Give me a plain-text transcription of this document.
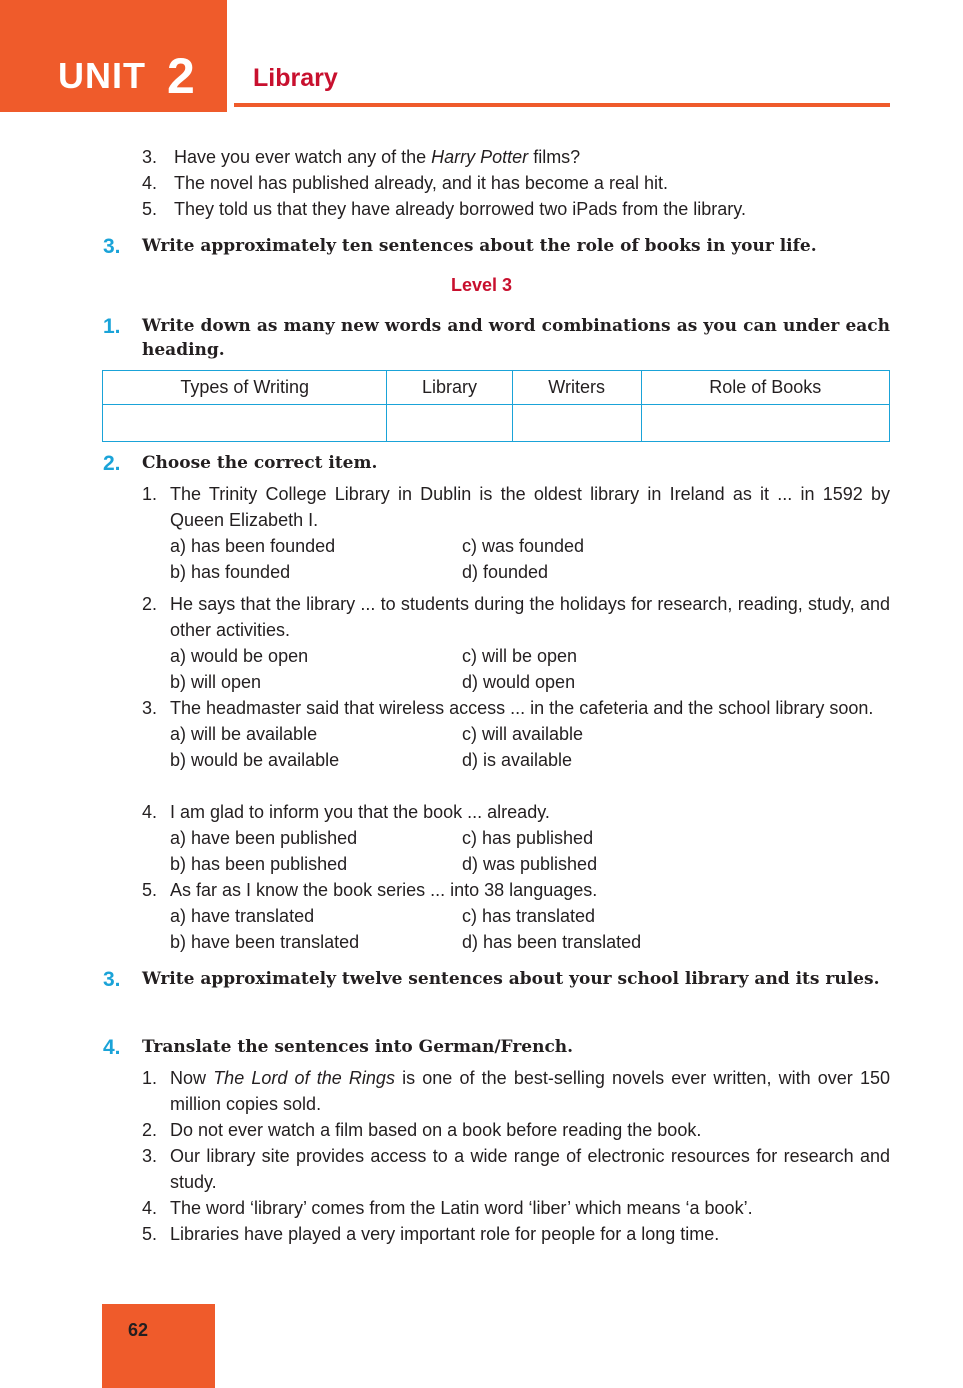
UNIT 2 Library
3. Have you ever watch any of the Harry Potter films?
4. The novel has published already, and it has become a real hit.
5. They told us that they have already borrowed two iPads from the library.
3. Write approximately ten sentences about the role of books in your life.

Level 3
1. Write down as many new words and word combinations as you can under each heading.

Types of Writing	Library	Writers	Role of Books

2. Choose the correct item.

1. The Trinity College Library in Dublin is the oldest library in Ireland as it ... in 1592 by Queen Elizabeth I.
a) has been founded	c) was founded
b) has founded	d) founded
2. He says that the library ... to students during the holidays for research, reading, study, and other activities.
a) would be open	c) will be open
b) will open	d) would open
3. The headmaster said that wireless access ... in the cafeteria and the school library soon.
a) will be available	c) will available
b) would be available	d) is available
4. I am glad to inform you that the book ... already.
a) have been published	c) has published
b) has been published	d) was published
5. As far as I know the book series ... into 38 languages.
a) have translated	c) has translated
b) have been translated	d) has been translated
3. Write approximately twelve sentences about your school library and its rules.

4. Translate the sentences into German/French.

1. Now The Lord of the Rings is one of the best-selling novels ever written, with over 150 million copies sold.
2. Do not ever watch a film based on a book before reading the book.
3. Our library site provides access to a wide range of electronic resources for research and study.
4. The word ‘library’ comes from the Latin word ‘liber’ which means ‘a book’.
5. Libraries have played a very important role for people for a long time.
62
